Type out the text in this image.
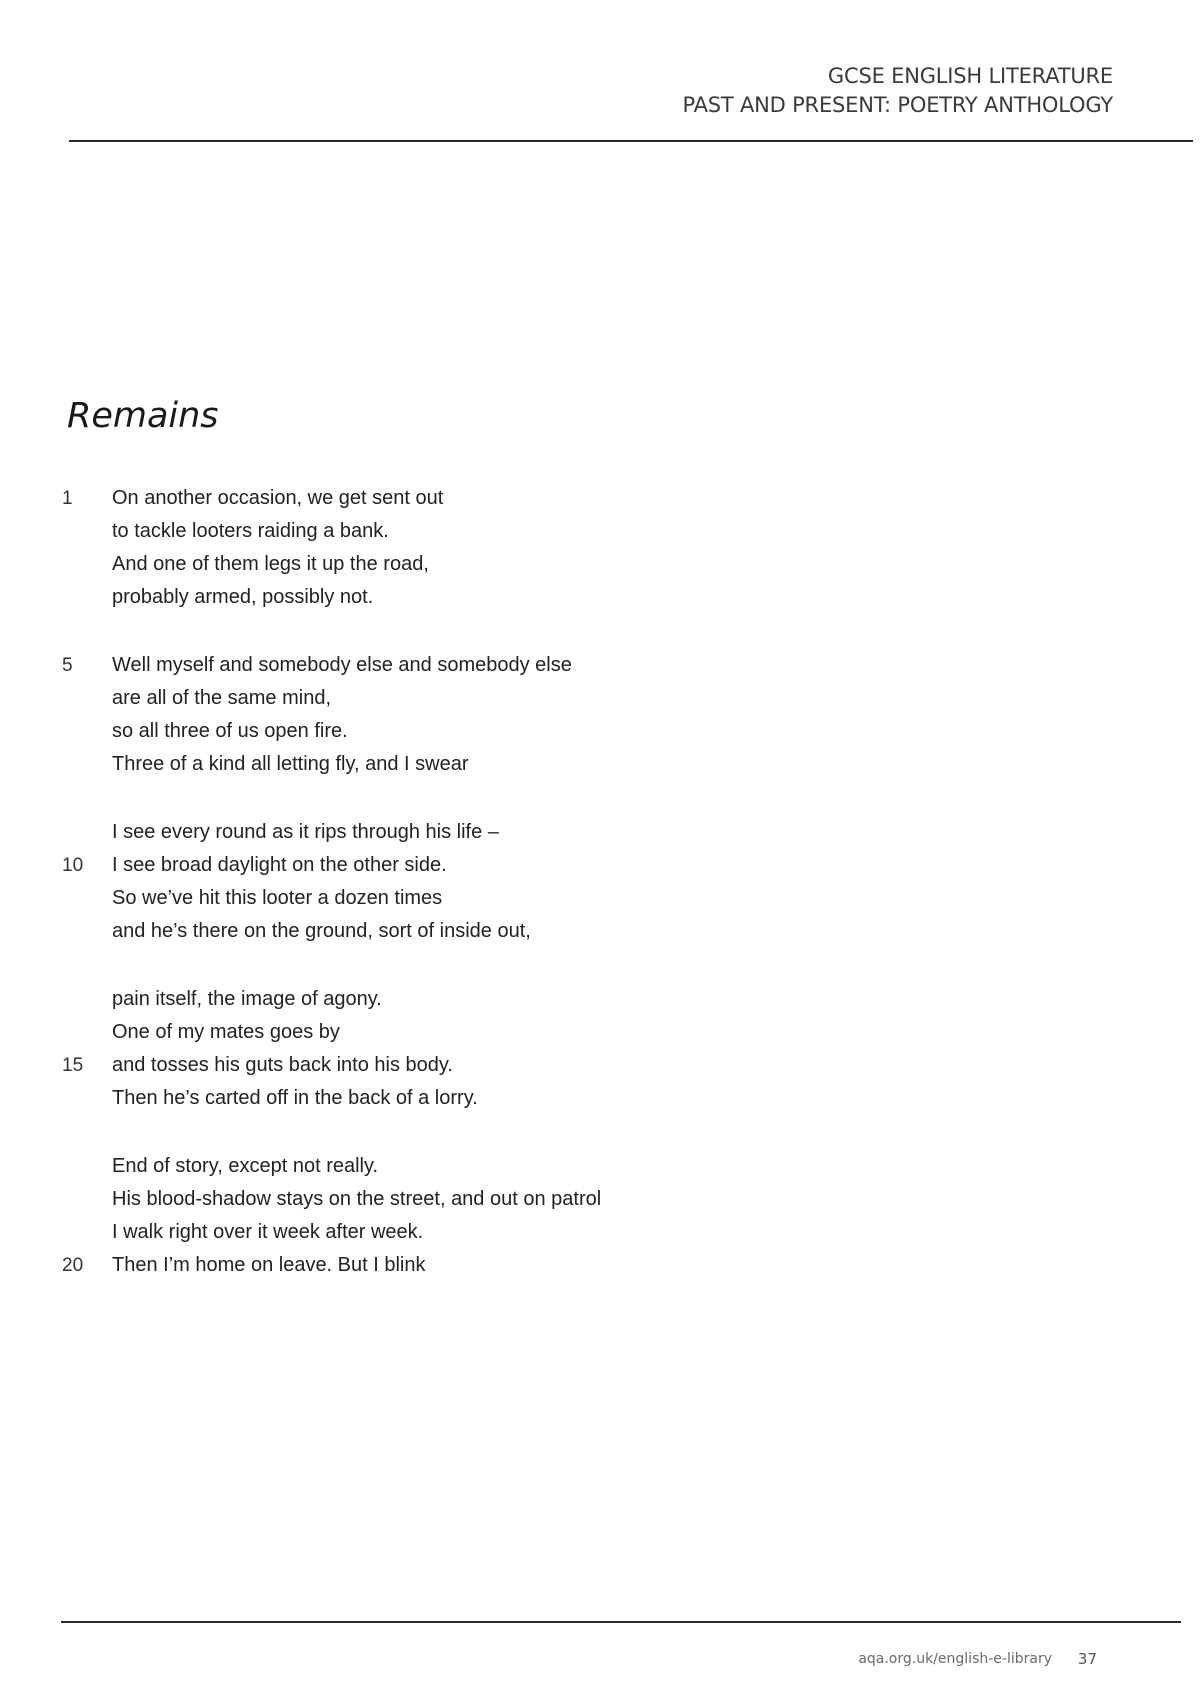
GCSE ENGLISH LITERATURE
PAST AND PRESENT: POETRY ANTHOLOGY
Remains
1	On another occasion, we get sent out
to tackle looters raiding a bank.
And one of them legs it up the road,
probably armed, possibly not.
5	Well myself and somebody else and somebody else
are all of the same mind,
so all three of us open fire.
Three of a kind all letting fly, and I swear
I see every round as it rips through his life –
10	I see broad daylight on the other side.
So we’ve hit this looter a dozen times
and he’s there on the ground, sort of inside out,
pain itself, the image of agony.
One of my mates goes by
15	and tosses his guts back into his body.
Then he’s carted off in the back of a lorry.
End of story, except not really.
His blood-shadow stays on the street, and out on patrol
I walk right over it week after week.
20	Then I’m home on leave. But I blink
aqa.org.uk/english-e-library 37
